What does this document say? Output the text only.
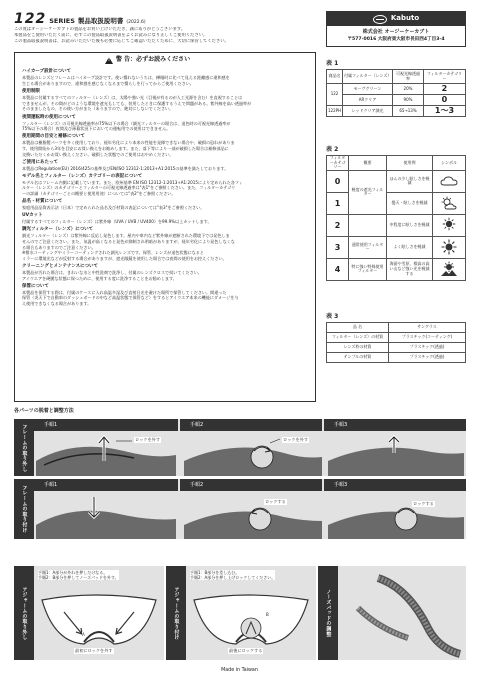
122 SERIES 製品取扱説明書 (2022.6)
この度はオージーケーカブトの製品をお買い上げいただき、誠にありがとうございます。
本製品をご使用いただく前に、必ずこの製品取扱説明書をよくお読みになり正しくご使用ください。
この製品取扱説明書は、お読みいただいた後も必要に応じてご確認いただくために、大切に保管してください。
Kabuto
株式会社 オージーケーカブト
〒577-0016 大阪府東大阪市長田西4丁目3-4
!
警 告：必ずお読みください
ハイカーブ設計について
本製品のレンズとフレームはハイカーブ設計です。使い慣れないうちは、樺眼时に比べて見える距離感に違和感を
生じる場合がありますので、違和感を感じなくなるまで慣らしを行ってからご使用ください。
使用制限
本製品に付属するすべてのフィルター（レンズ）は、太陽や強い光（目視が有るのが人工光源を含む）を直視することは
できませんが、その間がどのような環境を遮光もしても、装用したときに保護するうえで問題がある。紫外線を高い透過率が
そのまましたもの、その使い方がまた（ありますので、絶対にしないでください。
夜間運転時の使用について
フィルター（レンズ）の可視光線透過率が75%以下の場合（調光フィルターの場合は、退色時の可視光線透過率が
75%以下の場合）夜間及び薄暮状況下においての運転用での使用はできません。
使用期間の目安と補修について
本製品は樹脂製パーツを多く使用しており、経年劣化により本来の性能を発揮できない場合や、破損の恐れがありま
す。使用開始から3年を目安にお買い換えをお勧めします。また、落下等により一部が破損した場合は補修部品に
交換いただくかお買い換えください。破損した状態でのご使用はおやめください。
ご使用にあたって
本製品はRegulation(EU) 2016/425の基準及びEN/ISO 12312-1:2013+A1:2015の基準を満たしております。
モデル名とフィルター（レンズ）カテゴリーの表記について
モデル名はフレーム内側に記載しています。また、欧州基準 EN ISO 12312-1:2013+A1:2015により定められた各フィ
ルター（レンズ）のカテゴリーとフィルターの可視光線透過率は"表1"をご参照ください。また、フィルターカテゴリ
ーの詳細（カテゴリーごとの概要と使用用途）については"表2"をご参照ください。
品名・材質について
家庭用品品質表示法（日本）で定められた品名及び材質の表記については"表3"をご参照ください。
UVカット
付属するすべてのフィルター（レンズ）は紫外線（UVA / UVB / UV400）を99.9%以上カットします。
調光フィルター（レンズ）について
調光フィルター（レンズ）は紫外線に反応し発色します。屋内や車内など紫外線が遮断された環境下では発色しま
せんのでご注意ください。また、気温が高くなると発色が抑制され明暗がありますが、経年劣化により発色しなくな
る場合もありますのでご注意ください。
※撥水コーティングやミラーコーティングされた調光レンズです。保管、レンズが退色状態になると
ミラーに環境光などが反射する場合がありますが、遮光眼鏡を使用した場合では夜間の使用をお控えください。
クリーニングとメンテナンスについて
本製品が汚れた場合は、きれいな水と中性洗剤で洗浄し、付属のレンズクロスで拭いてください。
アイウエアを硬膜な状態に保つために、使用する度に洗浄することをお勧めします。
保管について
本製品を保管する際は、付属のケースに入れ高温多湿及び直射日光を避けた場所で保管してください。間違った
保管（炎天下で自動車のダッシュボードの中など高温状態で保管など）をするとアイウエア本来の機能にダメージを与
え使用できなくなる場合があります。
表 1
商品名	付属フィルター（レンズ）	可視光線透過率	フィルターカテゴリー
122	モーヴグリーン	20%	2
	ARクリア	90%	0
122PH	レッドクリア調光	65→13%	1〜3
表 2
フィルターカテゴリー	概要	使用例	シンボル
0	軽度の遮光フィルター	ほんの少し眩しさを軽減	

1		曇天・眩しさを軽減	

2		中程度に眩しさを軽減	

3	通常使用フィルター	よく眩しさを軽減	

4	特に強い特殊使用フィルター	海面や雪原、標高の高い山など強い光を軽減する	
表 3
品 名	サングラス
フィルター（レンズ）の材質	プラスチック(コーティング)
レンズ枠の材質	プラスチック(透過)
テンプルの材質	プラスチック(透過)
各パーツの脱着と調整方法
フレームの取り外し	手順1	手順2	手順3
ロックを外す	ロックを外す
フレームの取り付け
手順1	手順2	手順3
ロックする	ロックする
アジャームの取り外し
手順1：A部分が外れを押しだけなる。
手順2：B部分を押してノーズパッドを外す。
A
最初にロックを外す
アジャームの取り付け
手順1：B部分を差し込む。
手順2：A部分を押し上げロックしてください。
B
最後にロックする
ノーズパッドの調整
Made in Taiwan
